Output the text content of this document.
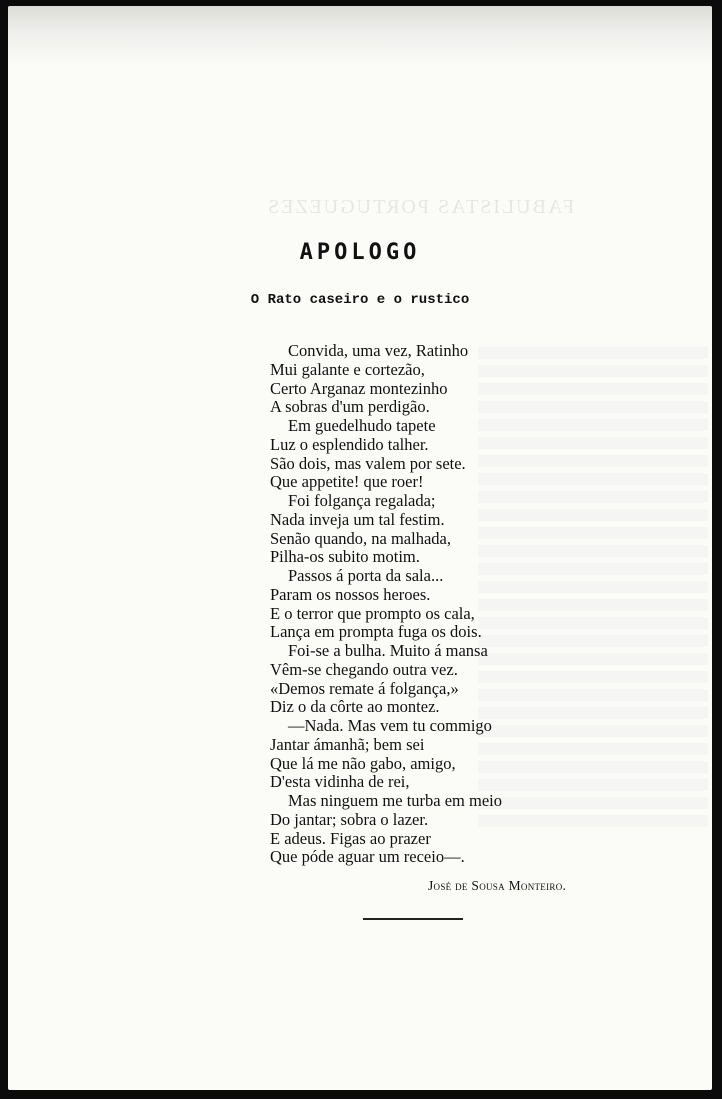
FABULISTAS PORTUGUEZES
APOLOGO
O Rato caseiro e o rustico
Convida, uma vez, Ratinho
Mui galante e cortezão,
Certo Arganaz montezinho
A sobras d'um perdigão.
Em guedelhudo tapete
Luz o esplendido talher.
São dois, mas valem por sete.
Que appetite! que roer!
Foi folgança regalada;
Nada inveja um tal festim.
Senão quando, na malhada,
Pilha-os subito motim.
Passos á porta da sala...
Param os nossos heroes.
E o terror que prompto os cala,
Lança em prompta fuga os dois.
Foi-se a bulha. Muito á mansa
Vêm-se chegando outra vez.
«Demos remate á folgança,»
Diz o da côrte ao montez.
—Nada. Mas vem tu commigo
Jantar ámanhã; bem sei
Que lá me não gabo, amigo,
D'esta vidinha de rei,
Mas ninguem me turba em meio
Do jantar; sobra o lazer.
E adeus. Figas ao prazer
Que póde aguar um receio—.
José de Sousa Monteiro.
